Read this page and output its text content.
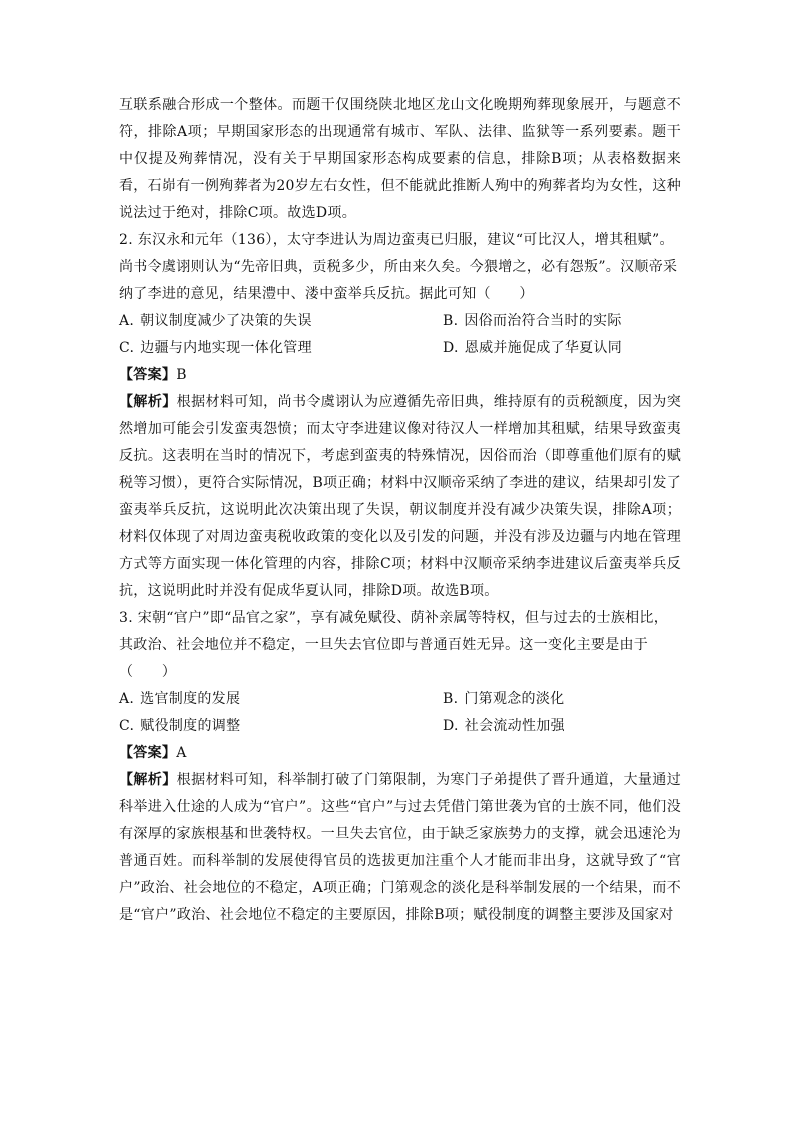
互联系融合形成一个整体。而题干仅围绕陕北地区龙山文化晚期殉葬现象展开，与题意不符，排除A项；早期国家形态的出现通常有城市、军队、法律、监狱等一系列要素。题干中仅提及殉葬情况，没有关于早期国家形态构成要素的信息，排除B项；从表格数据来看，石峁有一例殉葬者为20岁左右女性，但不能就此推断人殉中的殉葬者均为女性，这种说法过于绝对，排除C项。故选D项。

2. 东汉永和元年（136），太守李进认为周边蛮夷已归服，建议“可比汉人，增其租赋”。尚书令虞诩则认为“先帝旧典，贡税多少，所由来久矣。今猥增之，必有怨叛”。汉顺帝采纳了李进的意见，结果澧中、溇中蛮举兵反抗。据此可知（　　）

A. 朝议制度减少了决策的失误	B. 因俗而治符合当时的实际
C. 边疆与内地实现一体化管理	D. 恩威并施促成了华夏认同

【答案】B

【解析】根据材料可知，尚书令虞诩认为应遵循先帝旧典，维持原有的贡税额度，因为突然增加可能会引发蛮夷怨愤；而太守李进建议像对待汉人一样增加其租赋，结果导致蛮夷反抗。这表明在当时的情况下，考虑到蛮夷的特殊情况，因俗而治（即尊重他们原有的赋税等习惯），更符合实际情况，B项正确；材料中汉顺帝采纳了李进的建议，结果却引发了蛮夷举兵反抗，这说明此次决策出现了失误，朝议制度并没有减少决策失误，排除A项；材料仅体现了对周边蛮夷税收政策的变化以及引发的问题，并没有涉及边疆与内地在管理方式等方面实现一体化管理的内容，排除C项；材料中汉顺帝采纳李进建议后蛮夷举兵反抗，这说明此时并没有促成华夏认同，排除D项。故选B项。

3. 宋朝“官户”即“品官之家”，享有减免赋役、荫补亲属等特权，但与过去的士族相比，其政治、社会地位并不稳定，一旦失去官位即与普通百姓无异。这一变化主要是由于（　　）

A. 选官制度的发展	B. 门第观念的淡化
C. 赋役制度的调整	D. 社会流动性加强

【答案】A

【解析】根据材料可知，科举制打破了门第限制，为寒门子弟提供了晋升通道，大量通过科举进入仕途的人成为“官户”。这些“官户”与过去凭借门第世袭为官的士族不同，他们没有深厚的家族根基和世袭特权。一旦失去官位，由于缺乏家族势力的支撑，就会迅速沦为普通百姓。而科举制的发展使得官员的选拔更加注重个人才能而非出身，这就导致了“官户”政治、社会地位的不稳定，A项正确；门第观念的淡化是科举制发展的一个结果，而不是“官户”政治、社会地位不稳定的主要原因，排除B项；赋役制度的调整主要涉及国家对
